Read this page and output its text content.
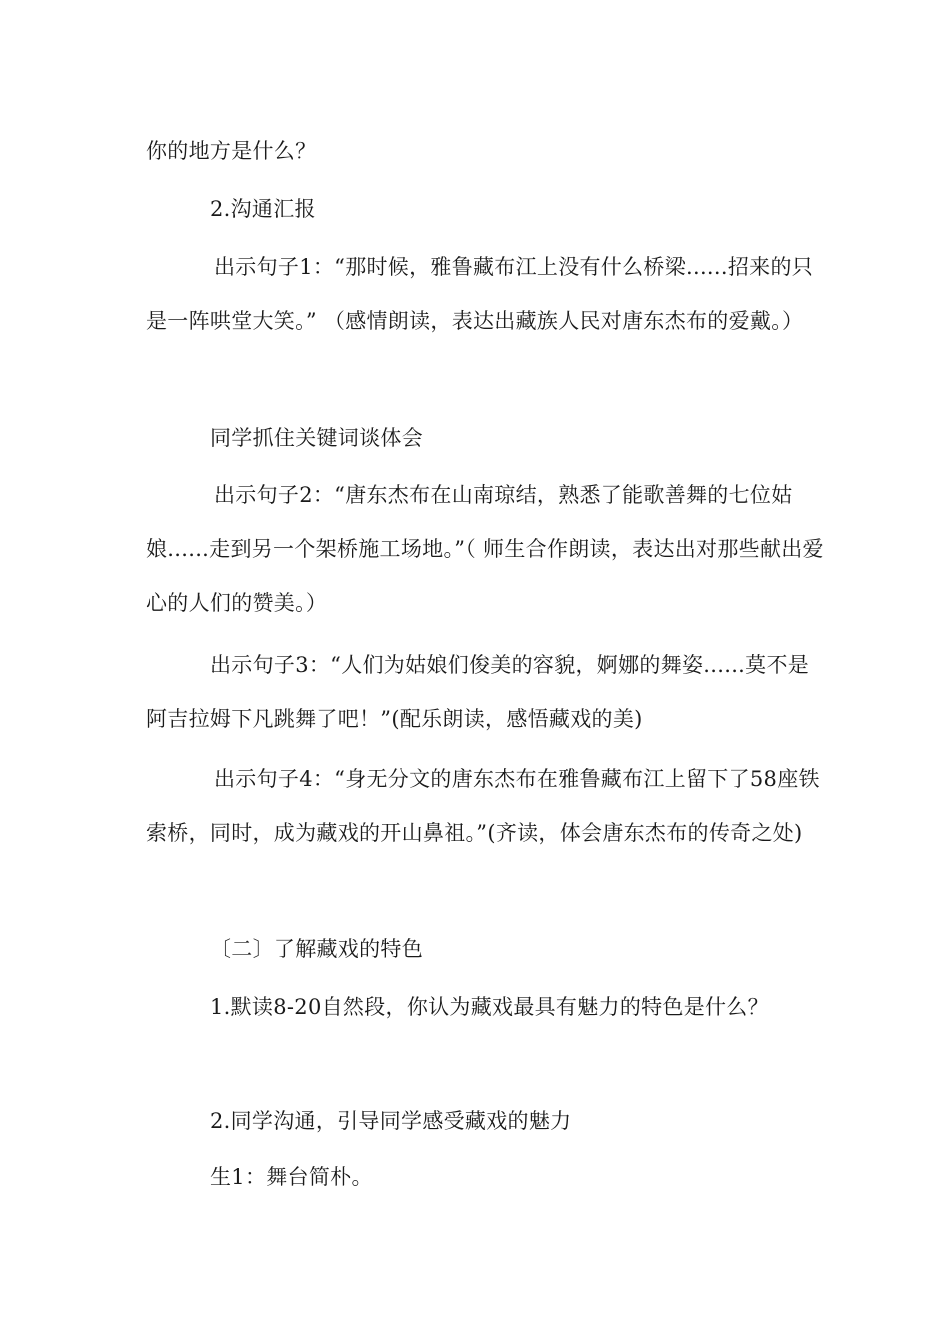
你的地方是什么？

2.沟通汇报

出示句子1：“那时候，雅鲁藏布江上没有什么桥梁......招来的只是一阵哄堂大笑。” （感情朗读，表达出藏族人民对唐东杰布的爱戴。）

同学抓住关键词谈体会

出示句子2：“唐东杰布在山南琼结，熟悉了能歌善舞的七位姑娘......走到另一个架桥施工场地。”（ 师生合作朗读，表达出对那些献出爱心的人们的赞美。）

出示句子3：“人们为姑娘们俊美的容貌，婀娜的舞姿......莫不是阿吉拉姆下凡跳舞了吧！”(配乐朗读，感悟藏戏的美)

出示句子4：“身无分文的唐东杰布在雅鲁藏布江上留下了58座铁索桥，同时，成为藏戏的开山鼻祖。”(齐读，体会唐东杰布的传奇之处)

〔二〕了解藏戏的特色

1.默读8-20自然段，你认为藏戏最具有魅力的特色是什么？

2.同学沟通，引导同学感受藏戏的魅力

生1：舞台简朴。
